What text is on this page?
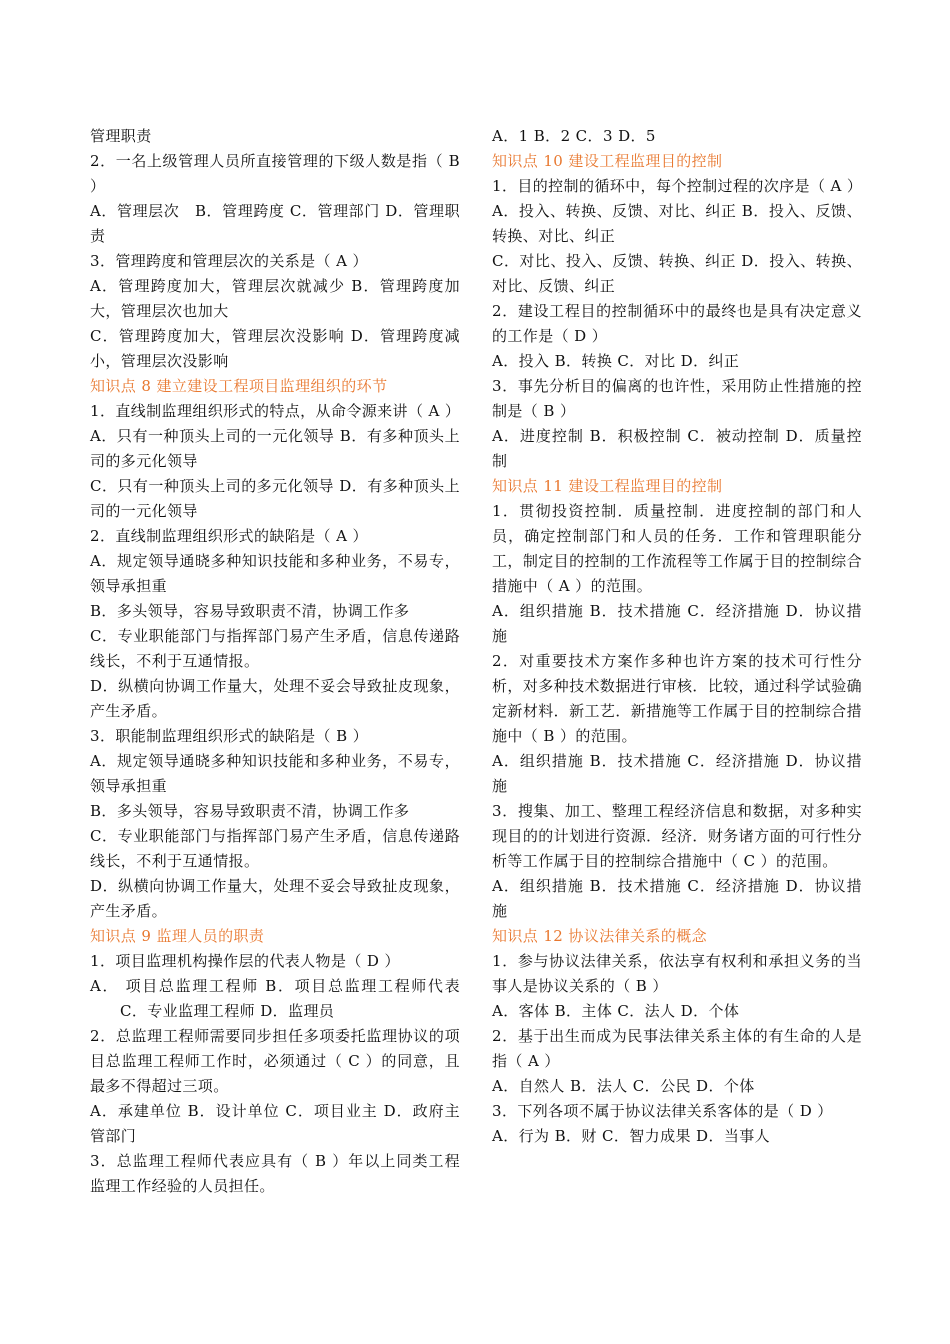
管理职责

2．一名上级管理人员所直接管理的下级人数是指（ B ）

A．管理层次　B．管理跨度 C．管理部门 D．管理职责

3．管理跨度和管理层次的关系是（ A ）

A．管理跨度加大，管理层次就减少 B．管理跨度加大，管理层次也加大

C．管理跨度加大，管理层次没影响 D．管理跨度减小，管理层次没影响

知识点 8 建立建设工程项目监理组织的环节

1．直线制监理组织形式的特点，从命令源来讲（ A ）

A．只有一种顶头上司的一元化领导 B．有多种顶头上司的多元化领导

C．只有一种顶头上司的多元化领导 D．有多种顶头上司的一元化领导

2．直线制监理组织形式的缺陷是（ A ）

A．规定领导通晓多种知识技能和多种业务，不易专，领导承担重

B．多头领导，容易导致职责不清，协调工作多

C．专业职能部门与指挥部门易产生矛盾，信息传递路线长，不利于互通情报。

D．纵横向协调工作量大，处理不妥会导致扯皮现象，产生矛盾。

3．职能制监理组织形式的缺陷是（ B ）

A．规定领导通晓多种知识技能和多种业务，不易专，领导承担重

B．多头领导，容易导致职责不清，协调工作多

C．专业职能部门与指挥部门易产生矛盾，信息传递路线长，不利于互通情报。

D．纵横向协调工作量大，处理不妥会导致扯皮现象，产生矛盾。

知识点 9 监理人员的职责

1．项目监理机构操作层的代表人物是（ D ）

A． 项目总监理工程师 B．项目总监理工程师代表 C．专业监理工程师 D．监理员

2．总监理工程师需要同步担任多项委托监理协议的项目总监理工程师工作时，必须通过（ C ）的同意，且最多不得超过三项。

A．承建单位 B．设计单位 C．项目业主 D．政府主管部门

3．总监理工程师代表应具有（ B ）年以上同类工程监理工作经验的人员担任。

A．1 B．2 C．3 D．5

知识点 10 建设工程监理目的控制

1．目的控制的循环中，每个控制过程的次序是（ A ）

A．投入、转换、反馈、对比、纠正 B．投入、反馈、转换、对比、纠正

C．对比、投入、反馈、转换、纠正 D．投入、转换、对比、反馈、纠正

2．建设工程目的控制循环中的最终也是具有决定意义的工作是（ D ）

A．投入 B．转换 C．对比 D．纠正

3．事先分析目的偏离的也许性，采用防止性措施的控制是（ B ）

A．进度控制 B．积极控制 C．被动控制 D．质量控制

知识点 11 建设工程监理目的控制

1．贯彻投资控制．质量控制．进度控制的部门和人员，确定控制部门和人员的任务．工作和管理职能分工，制定目的控制的工作流程等工作属于目的控制综合措施中（ A ）的范围。

A．组织措施 B．技术措施 C．经济措施 D．协议措施

2．对重要技术方案作多种也许方案的技术可行性分析，对多种技术数据进行审核．比较，通过科学试验确定新材料．新工艺．新措施等工作属于目的控制综合措施中（ B ）的范围。

A．组织措施 B．技术措施 C．经济措施 D．协议措施

3．搜集、加工、整理工程经济信息和数据，对多种实现目的的计划进行资源．经济．财务诸方面的可行性分析等工作属于目的控制综合措施中（ C ）的范围。

A．组织措施 B．技术措施 C．经济措施 D．协议措施

知识点 12 协议法律关系的概念

1．参与协议法律关系，依法享有权利和承担义务的当事人是协议关系的（ B ）

A．客体 B．主体 C．法人 D．个体

2．基于出生而成为民事法律关系主体的有生命的人是指（ A ）

A．自然人 B．法人 C．公民 D．个体

3．下列各项不属于协议法律关系客体的是（ D ）

A．行为 B．财 C．智力成果 D．当事人
